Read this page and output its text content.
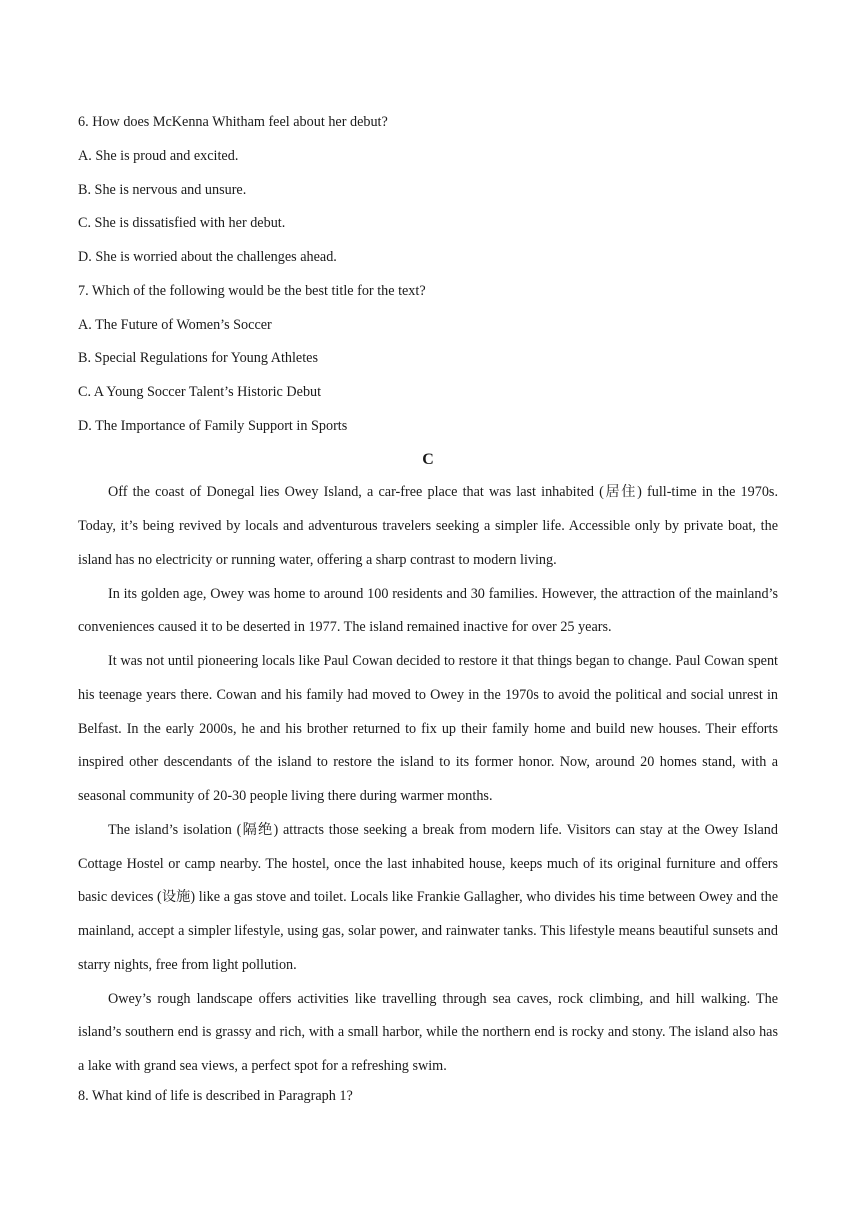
6. How does McKenna Whitham feel about her debut?
A. She is proud and excited.
B. She is nervous and unsure.
C. She is dissatisfied with her debut.
D. She is worried about the challenges ahead.
7. Which of the following would be the best title for the text?
A. The Future of Women’s Soccer
B. Special Regulations for Young Athletes
C. A Young Soccer Talent’s Historic Debut
D. The Importance of Family Support in Sports
C

Off the coast of Donegal lies Owey Island, a car-free place that was last inhabited (居住) full-time in the 1970s. Today, it’s being revived by locals and adventurous travelers seeking a simpler life. Accessible only by private boat, the island has no electricity or running water, offering a sharp contrast to modern living.

In its golden age, Owey was home to around 100 residents and 30 families. However, the attraction of the mainland’s conveniences caused it to be deserted in 1977. The island remained inactive for over 25 years.

It was not until pioneering locals like Paul Cowan decided to restore it that things began to change. Paul Cowan spent his teenage years there. Cowan and his family had moved to Owey in the 1970s to avoid the political and social unrest in Belfast. In the early 2000s, he and his brother returned to fix up their family home and build new houses. Their efforts inspired other descendants of the island to restore the island to its former honor. Now, around 20 homes stand, with a seasonal community of 20-30 people living there during warmer months.

The island’s isolation (隔绝) attracts those seeking a break from modern life. Visitors can stay at the Owey Island Cottage Hostel or camp nearby. The hostel, once the last inhabited house, keeps much of its original furniture and offers basic devices (设施) like a gas stove and toilet. Locals like Frankie Gallagher, who divides his time between Owey and the mainland, accept a simpler lifestyle, using gas, solar power, and rainwater tanks. This lifestyle means beautiful sunsets and starry nights, free from light pollution.

Owey’s rough landscape offers activities like travelling through sea caves, rock climbing, and hill walking. The island’s southern end is grassy and rich, with a small harbor, while the northern end is rocky and stony. The island also has a lake with grand sea views, a perfect spot for a refreshing swim.

8. What kind of life is described in Paragraph 1?
